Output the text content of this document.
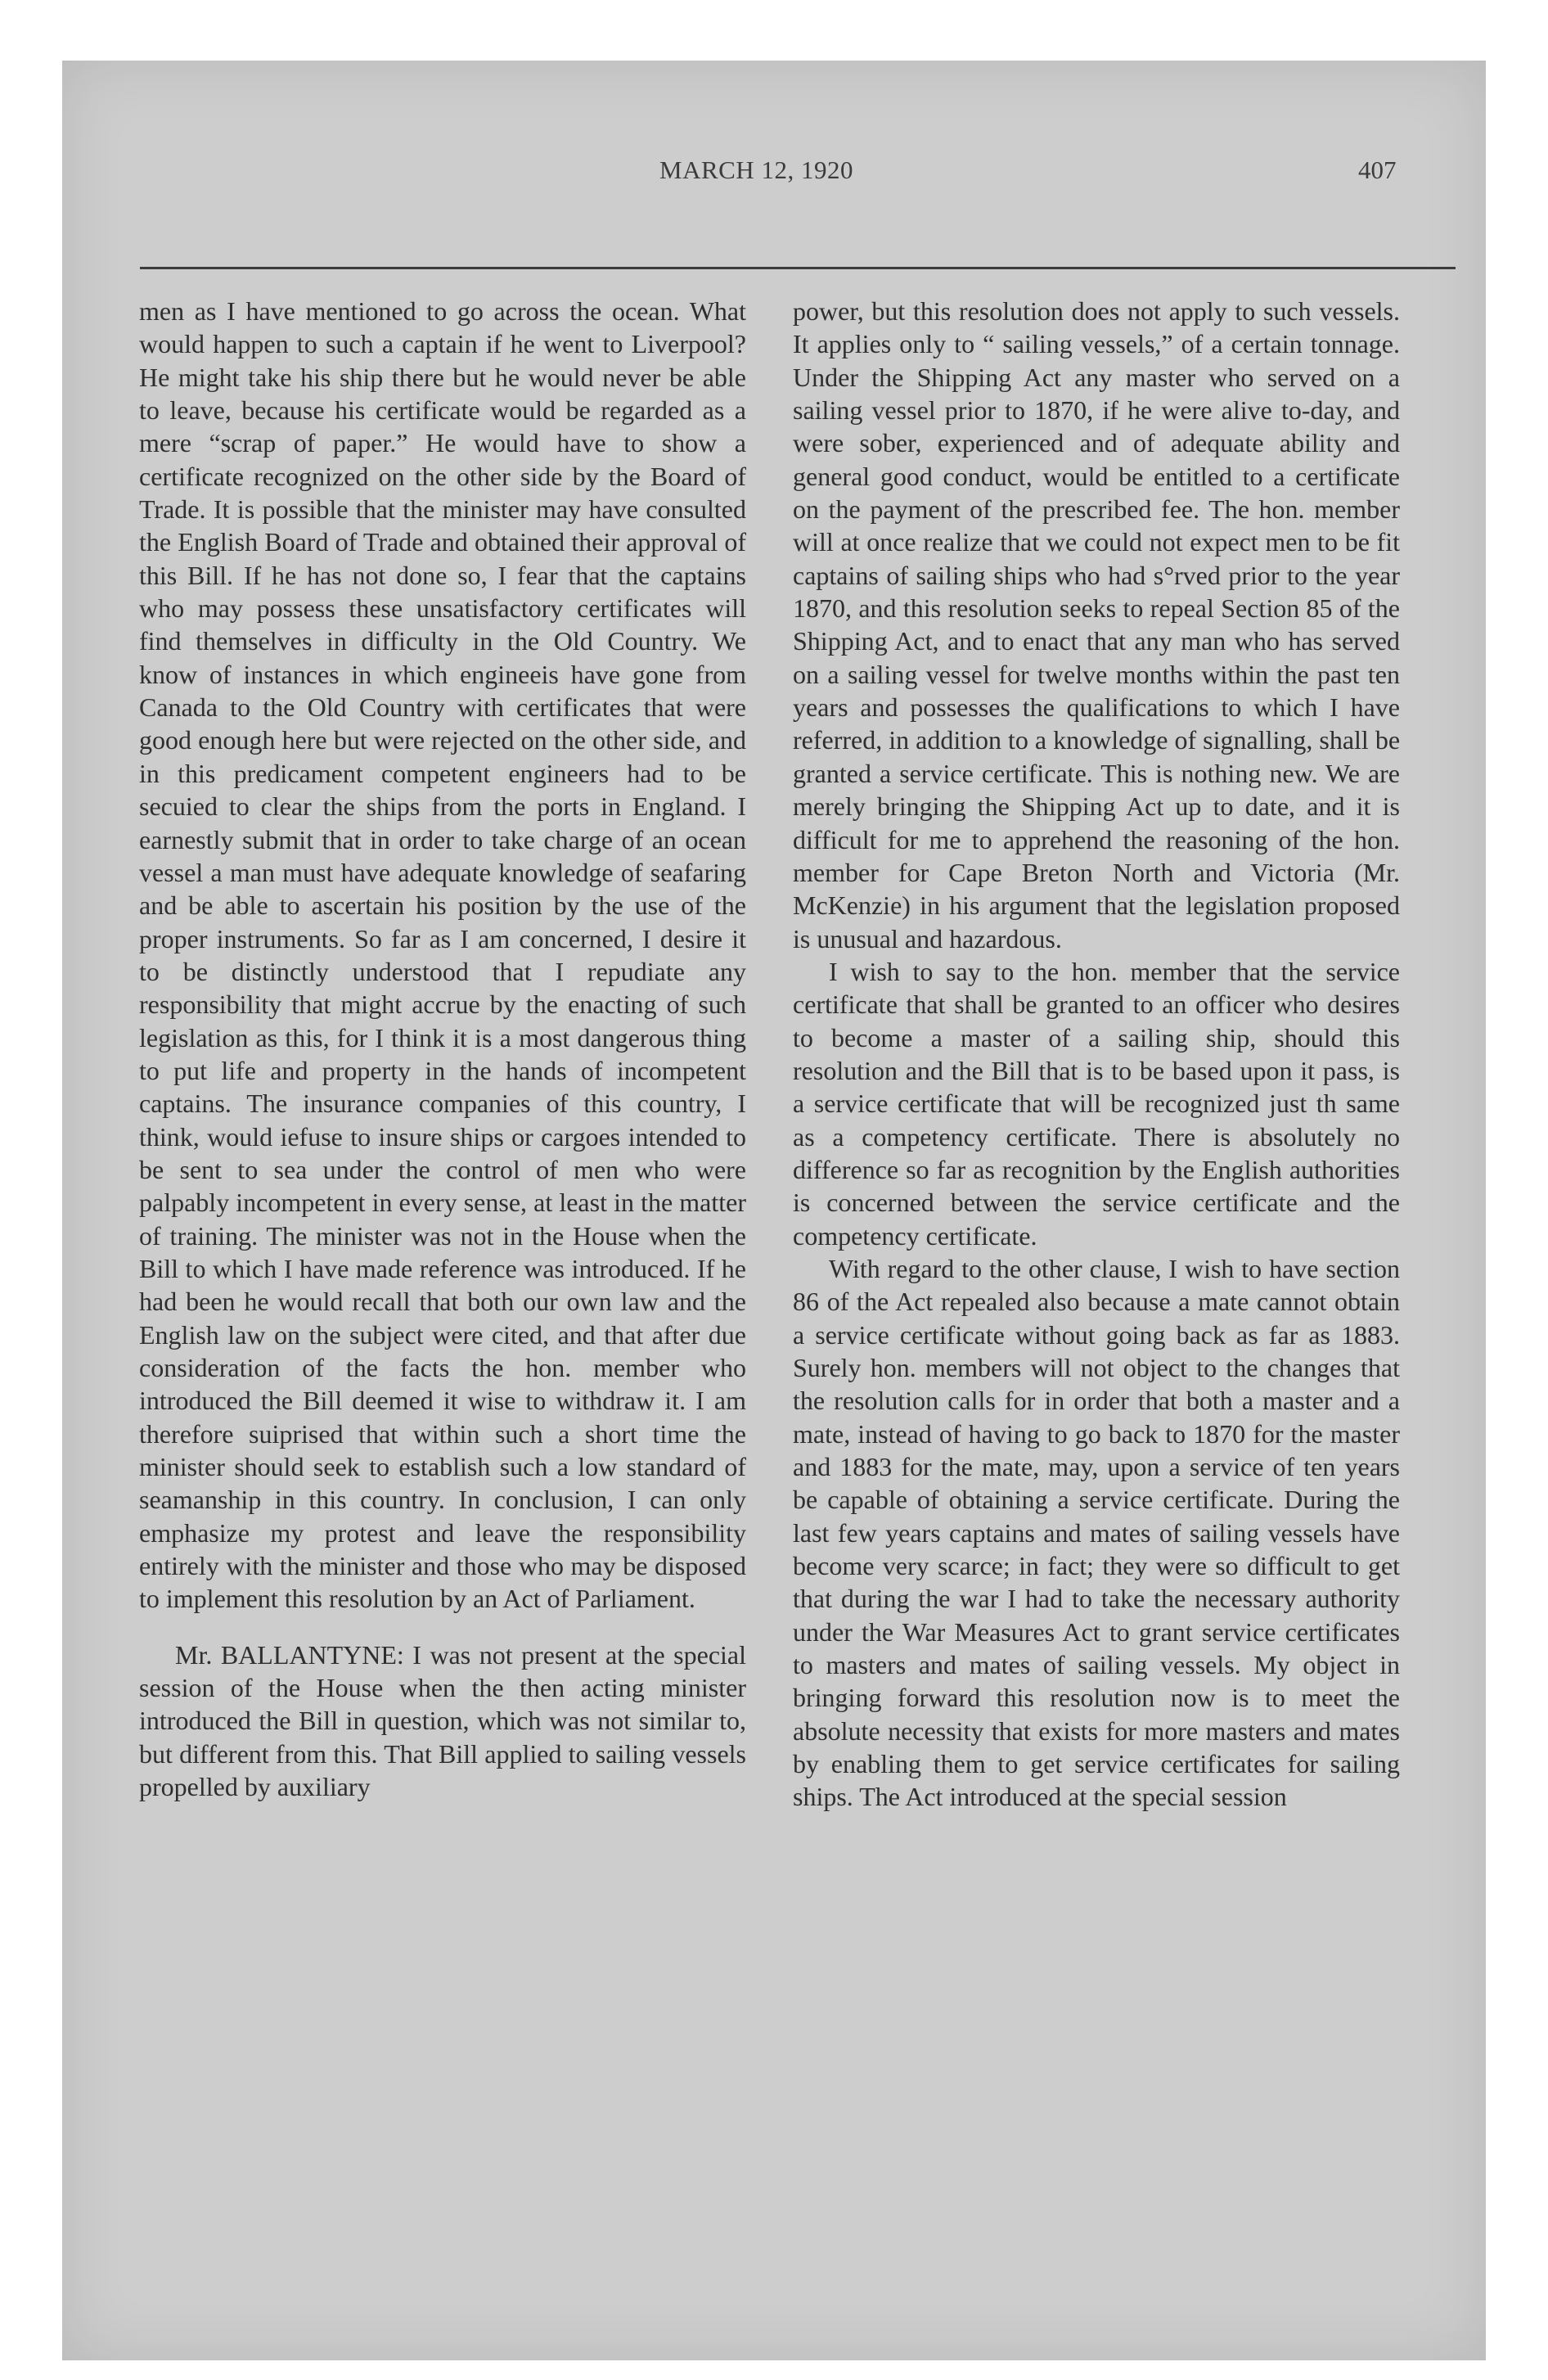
MARCH 12, 1920	407

men as I have mentioned to go across the ocean. What would happen to such a captain if he went to Liverpool? He might take his ship there but he would never be able to leave, because his certificate would be regarded as a mere “scrap of paper.” He would have to show a certificate recognized on the other side by the Board of Trade. It is possible that the minister may have consulted the English Board of Trade and obtained their approval of this Bill. If he has not done so, I fear that the captains who may possess these unsatisfactory certificates will find themselves in difficulty in the Old Country. We know of instances in which engineeis have gone from Canada to the Old Country with certificates that were good enough here but were rejected on the other side, and in this predicament competent engineers had to be secuied to clear the ships from the ports in England. I earnestly submit that in order to take charge of an ocean vessel a man must have adequate knowledge of seafaring and be able to ascertain his position by the use of the proper instruments. So far as I am concerned, I desire it to be distinctly understood that I repudiate any responsibility that might accrue by the enacting of such legislation as this, for I think it is a most dangerous thing to put life and property in the hands of incompetent captains. The insurance companies of this country, I think, would iefuse to insure ships or cargoes intended to be sent to sea under the control of men who were palpably incompetent in every sense, at least in the matter of training. The minister was not in the House when the Bill to which I have made reference was introduced. If he had been he would recall that both our own law and the English law on the subject were cited, and that after due consideration of the facts the hon. member who introduced the Bill deemed it wise to withdraw it. I am therefore suiprised that within such a short time the minister should seek to establish such a low standard of seamanship in this country. In conclusion, I can only emphasize my protest and leave the responsibility entirely with the minister and those who may be disposed to implement this resolution by an Act of Parliament.

Mr. BALLANTYNE: I was not present at the special session of the House when the then acting minister introduced the Bill in question, which was not similar to, but different from this. That Bill applied to sailing vessels propelled by auxiliary

power, but this resolution does not apply to such vessels. It applies only to “ sailing vessels,” of a certain tonnage. Under the Shipping Act any master who served on a sailing vessel prior to 1870, if he were alive to-day, and were sober, experienced and of adequate ability and general good conduct, would be entitled to a certificate on the payment of the prescribed fee. The hon. member will at once realize that we could not expect men to be fit captains of sailing ships who had s°rved prior to the year 1870, and this resolution seeks to repeal Section 85 of the Shipping Act, and to enact that any man who has served on a sailing vessel for twelve months within the past ten years and possesses the qualifications to which I have referred, in addition to a knowledge of signalling, shall be granted a service certificate. This is nothing new. We are merely bringing the Shipping Act up to date, and it is difficult for me to apprehend the reasoning of the hon. member for Cape Breton North and Victoria (Mr. McKenzie) in his argument that the legislation proposed is unusual and hazardous.

I wish to say to the hon. member that the service certificate that shall be granted to an officer who desires to become a master of a sailing ship, should this resolution and the Bill that is to be based upon it pass, is a service certificate that will be recognized just th same as a competency certificate. There is absolutely no difference so far as recognition by the English authorities is concerned between the service certificate and the competency certificate.

With regard to the other clause, I wish to have section 86 of the Act repealed also because a mate cannot obtain a service certificate without going back as far as 1883. Surely hon. members will not object to the changes that the resolution calls for in order that both a master and a mate, instead of having to go back to 1870 for the master and 1883 for the mate, may, upon a service of ten years be capable of obtaining a service certificate. During the last few years captains and mates of sailing vessels have become very scarce; in fact; they were so difficult to get that during the war I had to take the necessary authority under the War Measures Act to grant service certificates to masters and mates of sailing vessels. My object in bringing forward this resolution now is to meet the absolute necessity that exists for more masters and mates by enabling them to get service certificates for sailing ships. The Act introduced at the special session
